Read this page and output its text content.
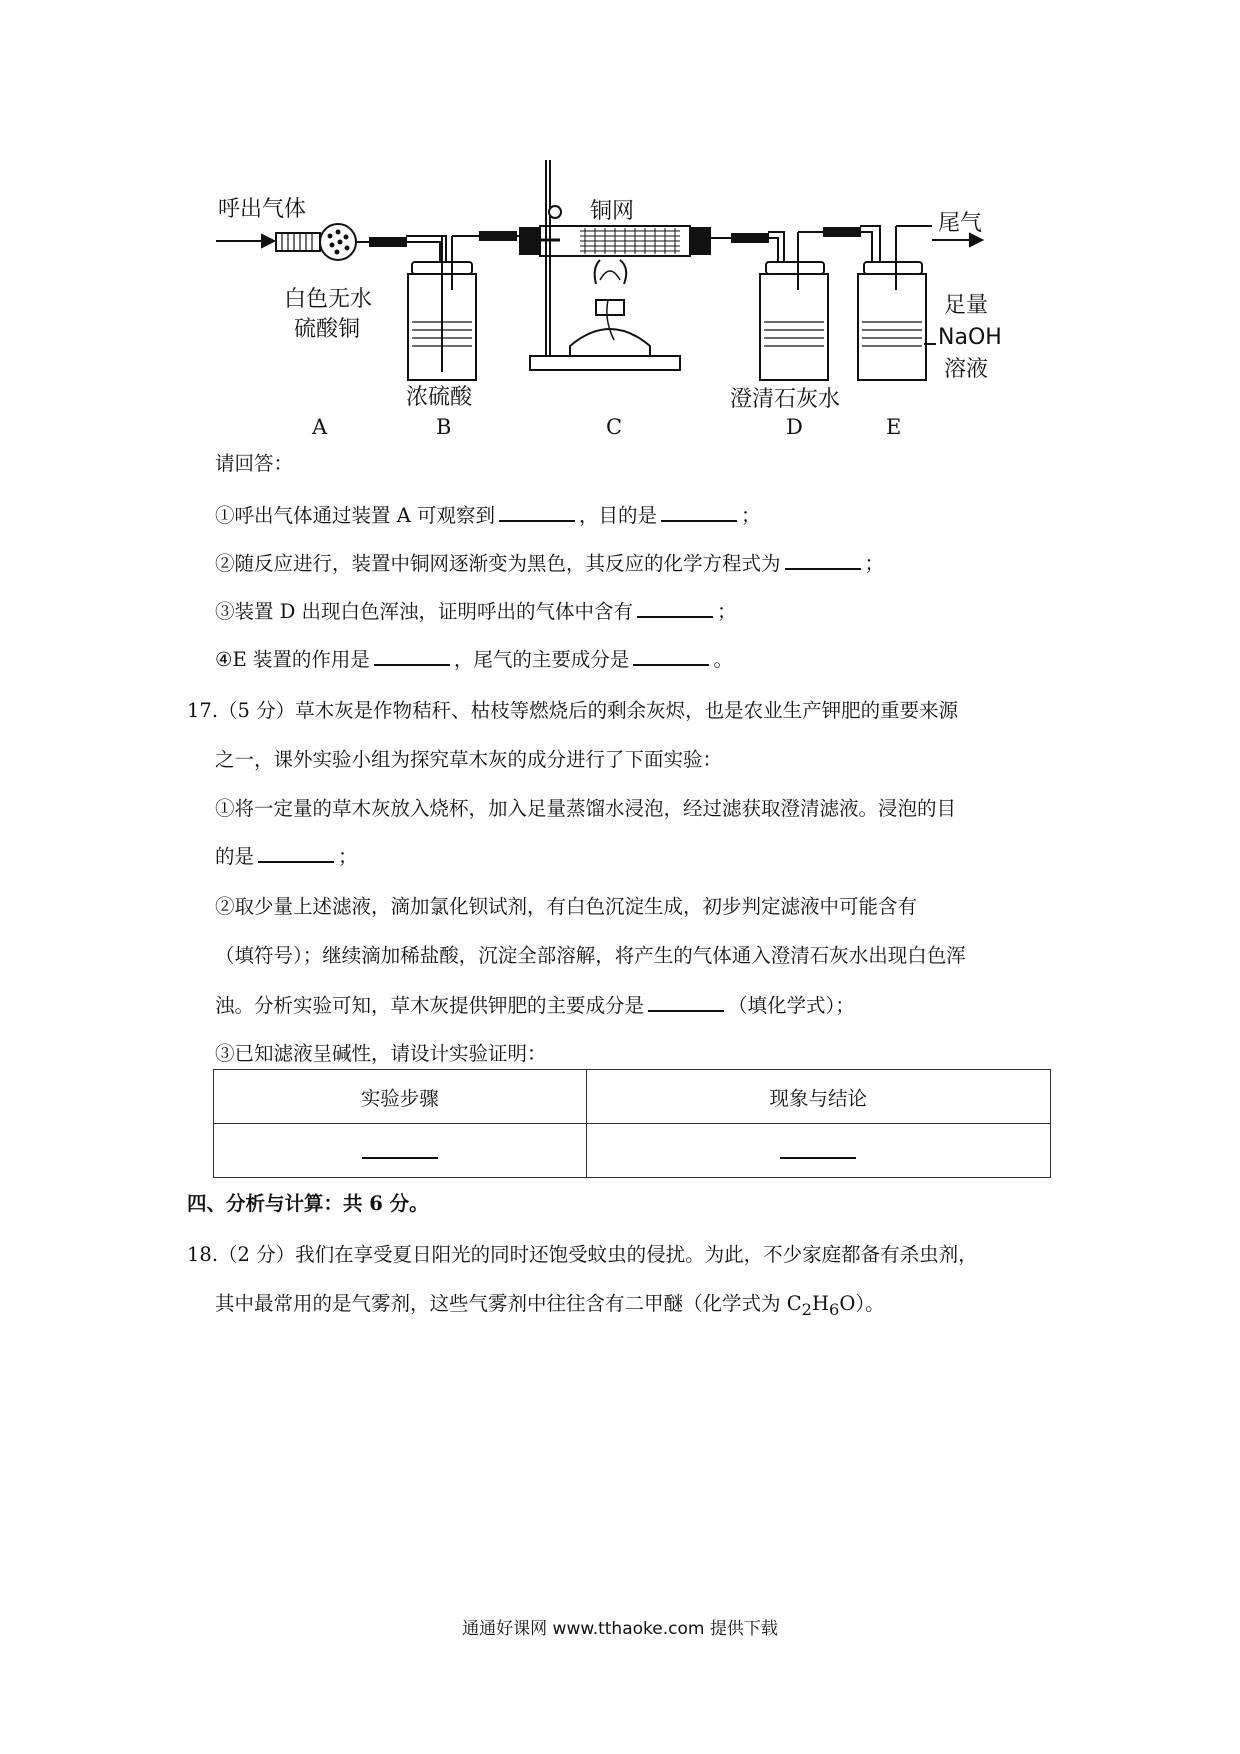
呼出气体	铜网	尾气
白色无水
硫酸铜
浓硫酸	澄清石灰水
足量
NaOH
溶液
A	B	C	D	E
请回答：
①呼出气体通过装置 A 可观察到	，目的是	；
②随反应进行，装置中铜网逐渐变为黑色，其反应的化学方程式为	；
③装置 D 出现白色浑浊，证明呼出的气体中含有	；
④E 装置的作用是	，尾气的主要成分是	。
17.（5 分）草木灰是作物秸秆、枯枝等燃烧后的剩余灰烬，也是农业生产钾肥的重要来源
之一，课外实验小组为探究草木灰的成分进行了下面实验：
①将一定量的草木灰放入烧杯，加入足量蒸馏水浸泡，经过滤获取澄清滤液。浸泡的目
的是	；
②取少量上述滤液，滴加氯化钡试剂，有白色沉淀生成，初步判定滤液中可能含有
（填符号）；继续滴加稀盐酸，沉淀全部溶解，将产生的气体通入澄清石灰水出现白色浑
浊。分析实验可知，草木灰提供钾肥的主要成分是	（填化学式）；
③已知滤液呈碱性，请设计实验证明：
实验步骤	现象与结论

四、分析与计算：共 6 分。
18.（2 分）我们在享受夏日阳光的同时还饱受蚊虫的侵扰。为此，不少家庭都备有杀虫剂，
其中最常用的是气雾剂，这些气雾剂中往往含有二甲醚（化学式为 $C_2H_6O$）。
通通好课网 www.tthaoke.com 提供下载
